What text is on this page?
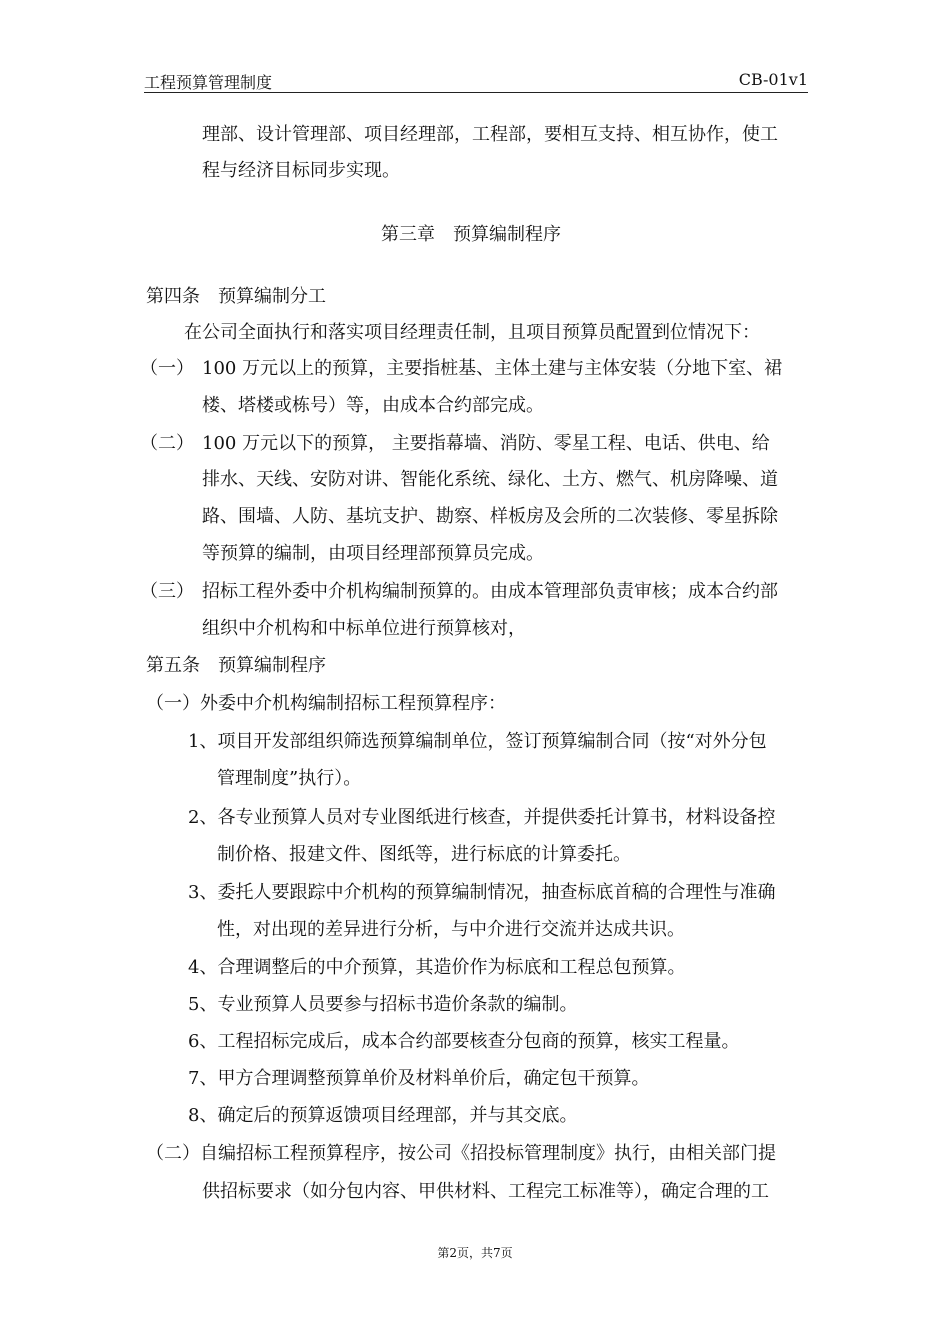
工程预算管理制度	CB-01v1
理部、设计管理部、项目经理部，工程部，要相互支持、相互协作，使工
程与经济目标同步实现。
第三章　预算编制程序
第四条　预算编制分工
在公司全面执行和落实项目经理责任制，且项目预算员配置到位情况下：
（一） 100 万元以上的预算，主要指桩基、主体土建与主体安装（分地下室、裙
楼、塔楼或栋号）等，由成本合约部完成。
（二） 100 万元以下的预算， 主要指幕墙、消防、零星工程、电话、供电、给
排水、天线、安防对讲、智能化系统、绿化、土方、燃气、机房降噪、道
路、围墙、人防、基坑支护、勘察、样板房及会所的二次装修、零星拆除
等预算的编制，由项目经理部预算员完成。
（三） 招标工程外委中介机构编制预算的。由成本管理部负责审核；成本合约部
组织中介机构和中标单位进行预算核对，
第五条　预算编制程序
（一）外委中介机构编制招标工程预算程序：
1、项目开发部组织筛选预算编制单位，签订预算编制合同（按“对外分包
管理制度”执行）。
2、各专业预算人员对专业图纸进行核查，并提供委托计算书，材料设备控
制价格、报建文件、图纸等，进行标底的计算委托。
3、委托人要跟踪中介机构的预算编制情况，抽查标底首稿的合理性与准确
性，对出现的差异进行分析，与中介进行交流并达成共识。
4、合理调整后的中介预算，其造价作为标底和工程总包预算。
5、专业预算人员要参与招标书造价条款的编制。
6、工程招标完成后，成本合约部要核查分包商的预算，核实工程量。
7、甲方合理调整预算单价及材料单价后，确定包干预算。
8、确定后的预算返馈项目经理部，并与其交底。
（二）自编招标工程预算程序，按公司《招投标管理制度》执行，由相关部门提
供招标要求（如分包内容、甲供材料、工程完工标准等），确定合理的工
第2页，共7页
